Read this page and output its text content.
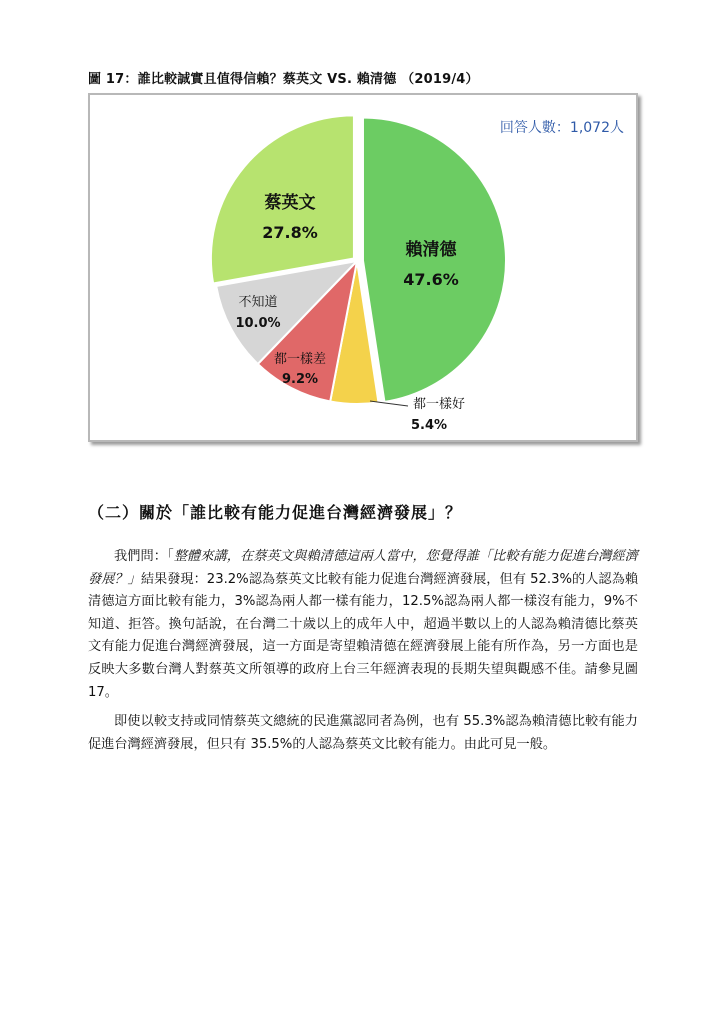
圖 17：誰比較誠實且值得信賴？蔡英文 VS. 賴清德 （2019/4）
回答人數：1,072人
賴清德
47.6%
都一樣好
5.4%
都一樣差
9.2%
不知道
10.0%
蔡英文
27.8%
（二）關於「誰比較有能力促進台灣經濟發展」？
我們問：「整體來講，在蔡英文與賴清德這兩人當中，您覺得誰「比較有能力促進台灣經濟發展？」結果發現：23.2%認為蔡英文比較有能力促進台灣經濟發展，但有 52.3%的人認為賴清德這方面比較有能力，3%認為兩人都一樣有能力，12.5%認為兩人都一樣沒有能力，9%不知道、拒答。換句話說，在台灣二十歲以上的成年人中，超過半數以上的人認為賴清德比蔡英文有能力促進台灣經濟發展，這一方面是寄望賴清德在經濟發展上能有所作為，另一方面也是反映大多數台灣人對蔡英文所領導的政府上台三年經濟表現的長期失望與觀感不佳。請參見圖 17。
即使以較支持或同情蔡英文總統的民進黨認同者為例，也有 55.3%認為賴清德比較有能力促進台灣經濟發展，但只有 35.5%的人認為蔡英文比較有能力。由此可見一般。
